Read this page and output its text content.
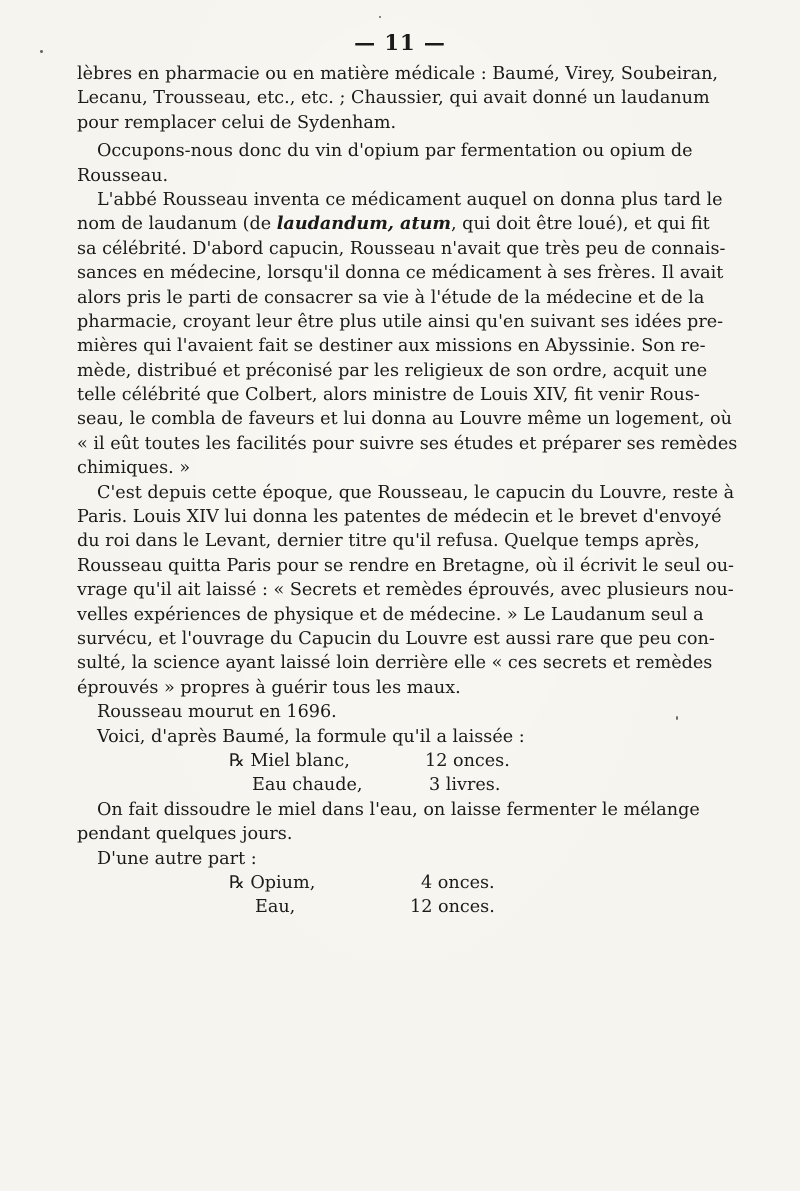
— 11 —
lèbres en pharmacie ou en matière médicale : Baumé, Virey, Soubeiran,
Lecanu, Trousseau, etc., etc. ; Chaussier, qui avait donné un laudanum
pour remplacer celui de Sydenham.
Occupons-nous donc du vin d'opium par fermentation ou opium de
Rousseau.
L'abbé Rousseau inventa ce médicament auquel on donna plus tard le
nom de laudanum (de laudandum, atum, qui doit être loué), et qui fit
sa célébrité. D'abord capucin, Rousseau n'avait que très peu de connais-
sances en médecine, lorsqu'il donna ce médicament à ses frères. Il avait
alors pris le parti de consacrer sa vie à l'étude de la médecine et de la
pharmacie, croyant leur être plus utile ainsi qu'en suivant ses idées pre-
mières qui l'avaient fait se destiner aux missions en Abyssinie. Son re-
mède, distribué et préconisé par les religieux de son ordre, acquit une
telle célébrité que Colbert, alors ministre de Louis XIV, fit venir Rous-
seau, le combla de faveurs et lui donna au Louvre même un logement, où
« il eût toutes les facilités pour suivre ses études et préparer ses remèdes
chimiques. »
C'est depuis cette époque, que Rousseau, le capucin du Louvre, reste à
Paris. Louis XIV lui donna les patentes de médecin et le brevet d'envoyé
du roi dans le Levant, dernier titre qu'il refusa. Quelque temps après,
Rousseau quitta Paris pour se rendre en Bretagne, où il écrivit le seul ou-
vrage qu'il ait laissé : « Secrets et remèdes éprouvés, avec plusieurs nou-
velles expériences de physique et de médecine. » Le Laudanum seul a
survécu, et l'ouvrage du Capucin du Louvre est aussi rare que peu con-
sulté, la science ayant laissé loin derrière elle « ces secrets et remèdes
éprouvés » propres à guérir tous les maux.
Rousseau mourut en 1696.
Voici, d'après Baumé, la formule qu'il a laissée :
℞ Miel blanc,	12 onces.
Eau chaude,	3 livres.
On fait dissoudre le miel dans l'eau, on laisse fermenter le mélange
pendant quelques jours.
D'une autre part :
℞ Opium,	4 onces.
Eau,	12 onces.
